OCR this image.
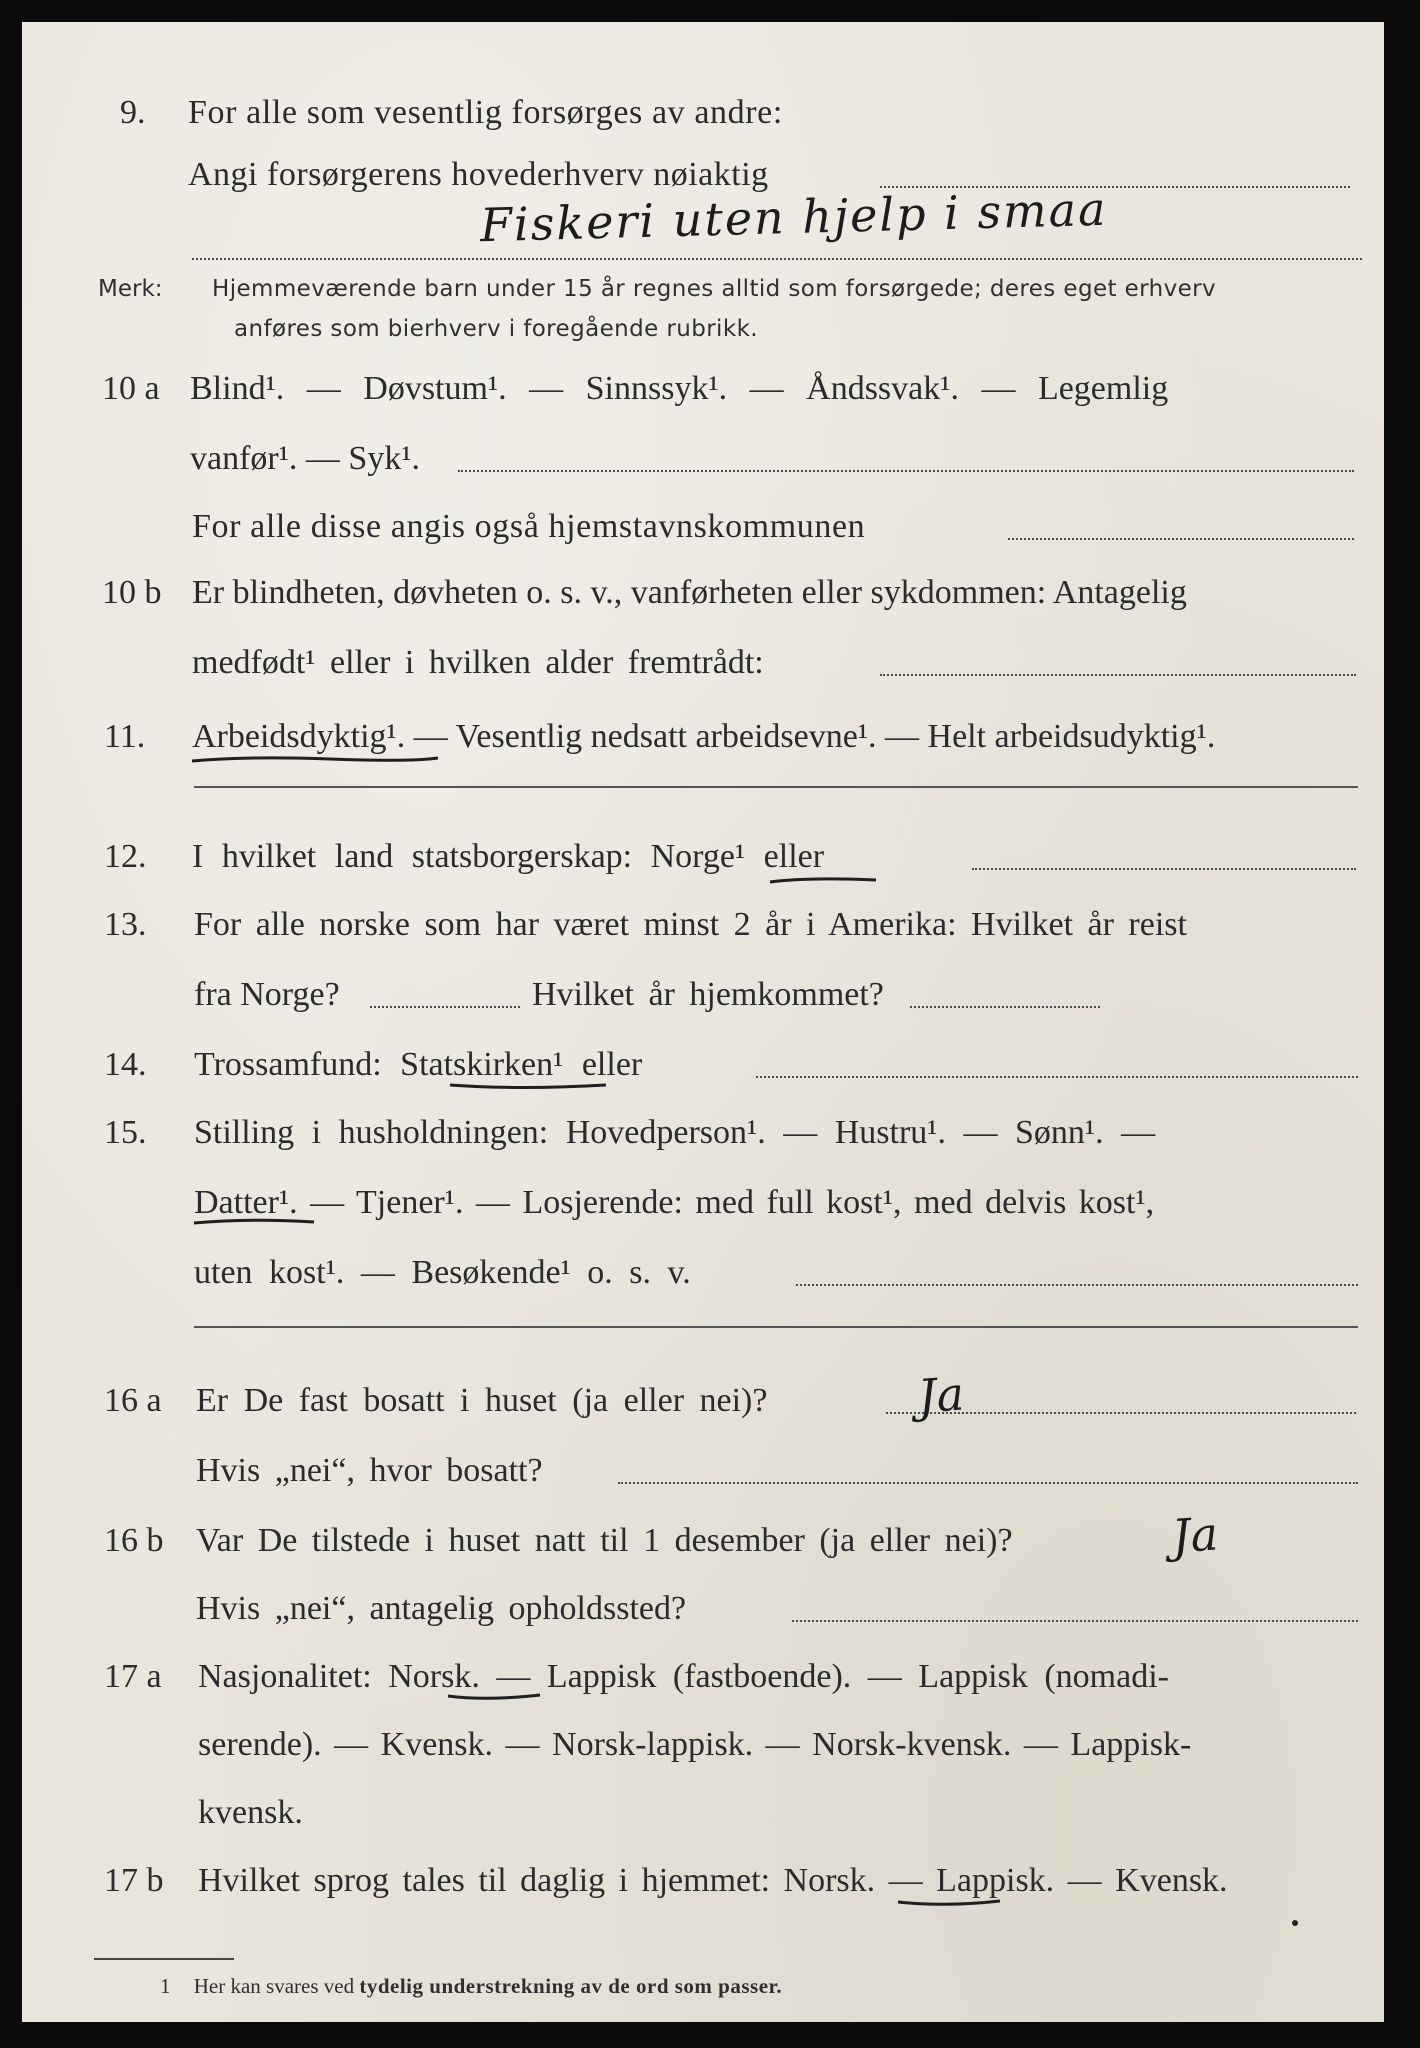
9. For alle som vesentlig forsørges av andre:
Angi forsørgerens hovederhverv nøiaktig
Fiskeri uten hjelp i smaa
Merk: Hjemmeværende barn under 15 år regnes alltid som forsørgede; deres eget erhverv
anføres som bierhverv i foregående rubrikk.
10 a Blind¹. — Døvstum¹. — Sinnssyk¹. — Åndssvak¹. — Legemlig
vanfør¹. — Syk¹.
For alle disse angis også hjemstavnskommunen
10 b Er blindheten, døvheten o. s. v., vanførheten eller sykdommen: Antagelig
medfødt¹ eller i hvilken alder fremtrådt:
11. Arbeidsdyktig¹. — Vesentlig nedsatt arbeidsevne¹. — Helt arbeidsudyktig¹.
12. I hvilket land statsborgerskap: Norge¹ eller
13. For alle norske som har været minst 2 år i Amerika: Hvilket år reist
fra Norge?	Hvilket år hjemkommet?
14. Trossamfund: Statskirken¹ eller
15. Stilling i husholdningen: Hovedperson¹. — Hustru¹. — Sønn¹. —
Datter¹. — Tjener¹. — Losjerende: med full kost¹, med delvis kost¹,
uten kost¹. — Besøkende¹ o. s. v.
16 a Er De fast bosatt i huset (ja eller nei)?	Ja
Hvis „nei“, hvor bosatt?
16 b Var De tilstede i huset natt til 1 desember (ja eller nei)?	Ja
Hvis „nei“, antagelig opholdssted?
17 a Nasjonalitet: Norsk. — Lappisk (fastboende). — Lappisk (nomadi-
serende). — Kvensk. — Norsk-lappisk. — Norsk-kvensk. — Lappisk-
kvensk.
17 b Hvilket sprog tales til daglig i hjemmet: Norsk. — Lappisk. — Kvensk.
1 Her kan svares ved tydelig understrekning av de ord som passer.
